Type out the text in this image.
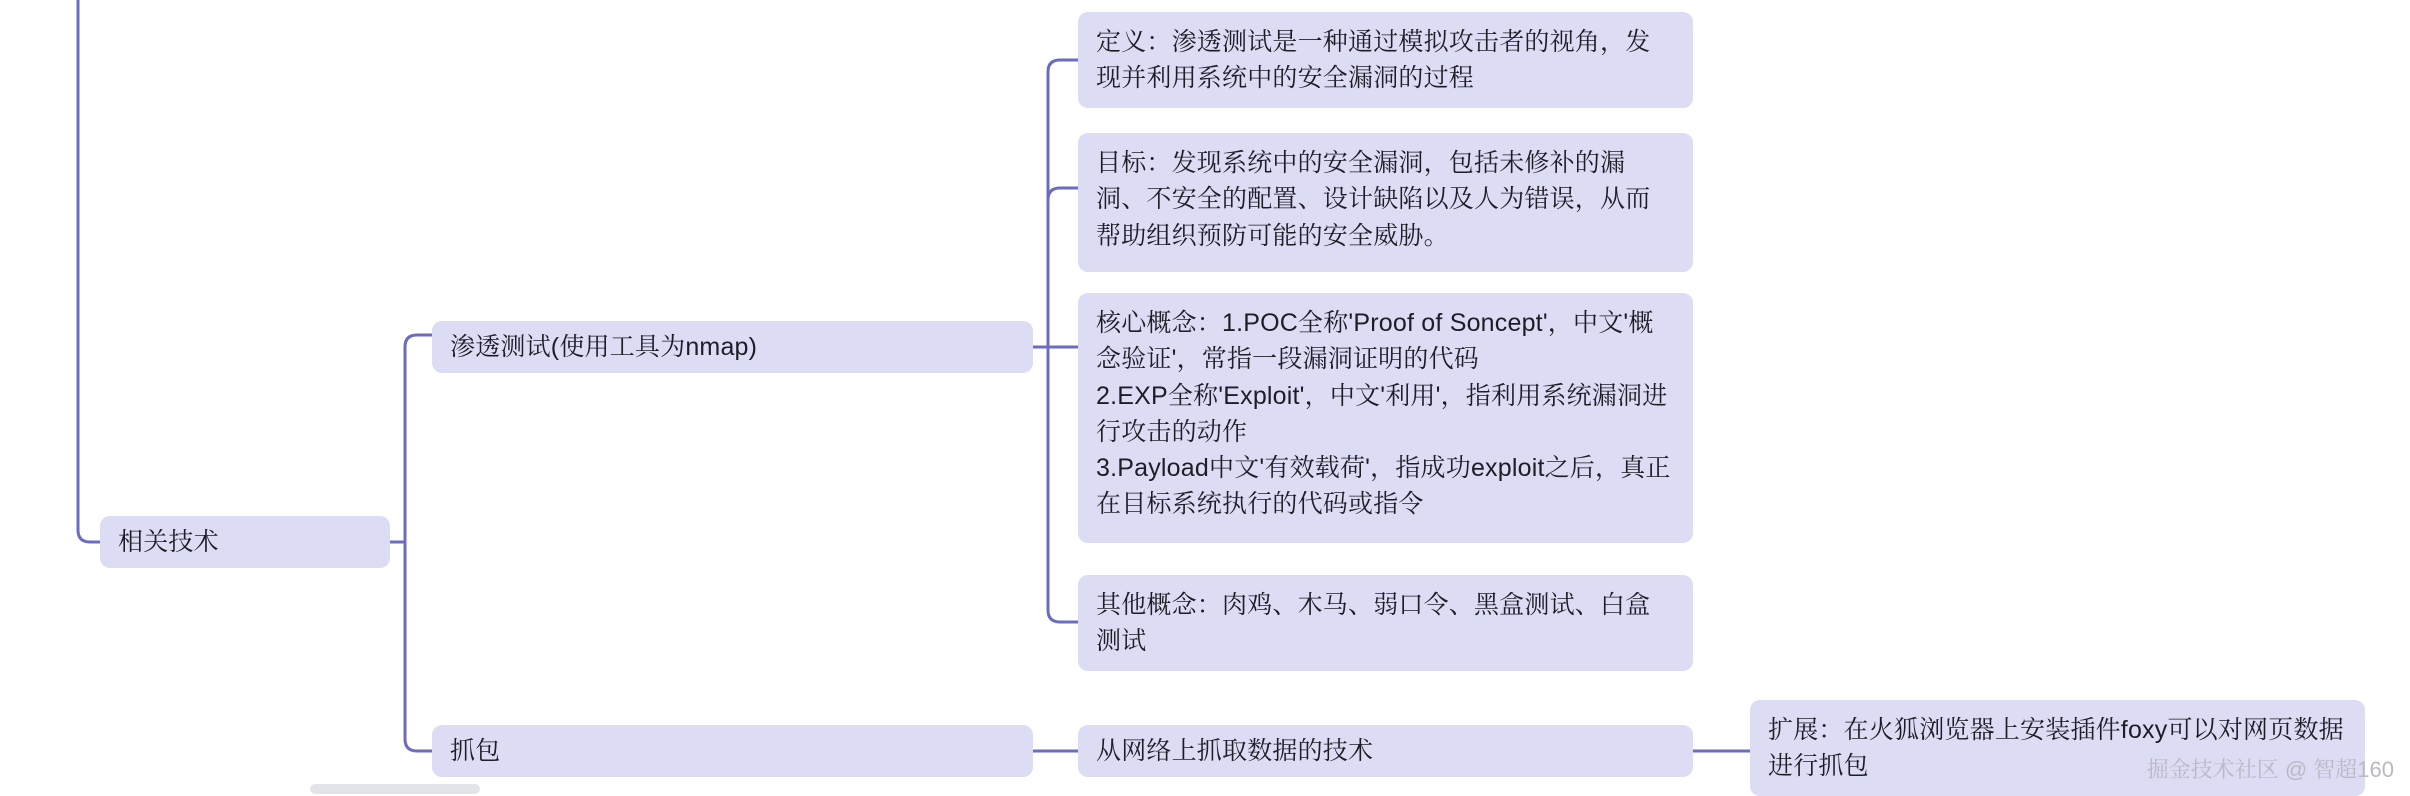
相关技术
渗透测试(使用工具为nmap)
抓包

定义：渗透测试是一种通过模拟攻击者的视角，发现并利用系统中的安全漏洞的过程

目标：发现系统中的安全漏洞，包括未修补的漏洞、不安全的配置、设计缺陷以及人为错误，从而帮助组织预防可能的安全威胁。

核心概念：1.POC全称'Proof of Soncept'，中文'概念验证'，常指一段漏洞证明的代码

2.EXP全称'Exploit'，中文'利用'，指利用系统漏洞进行攻击的动作

3.Payload中文'有效载荷'，指成功exploit之后，真正在目标系统执行的代码或指令

其他概念：肉鸡、木马、弱口令、黑盒测试、白盒测试

从网络上抓取数据的技术

扩展：在火狐浏览器上安装插件foxy可以对网页数据进行抓包	掘金技术社区 @ 智超160
